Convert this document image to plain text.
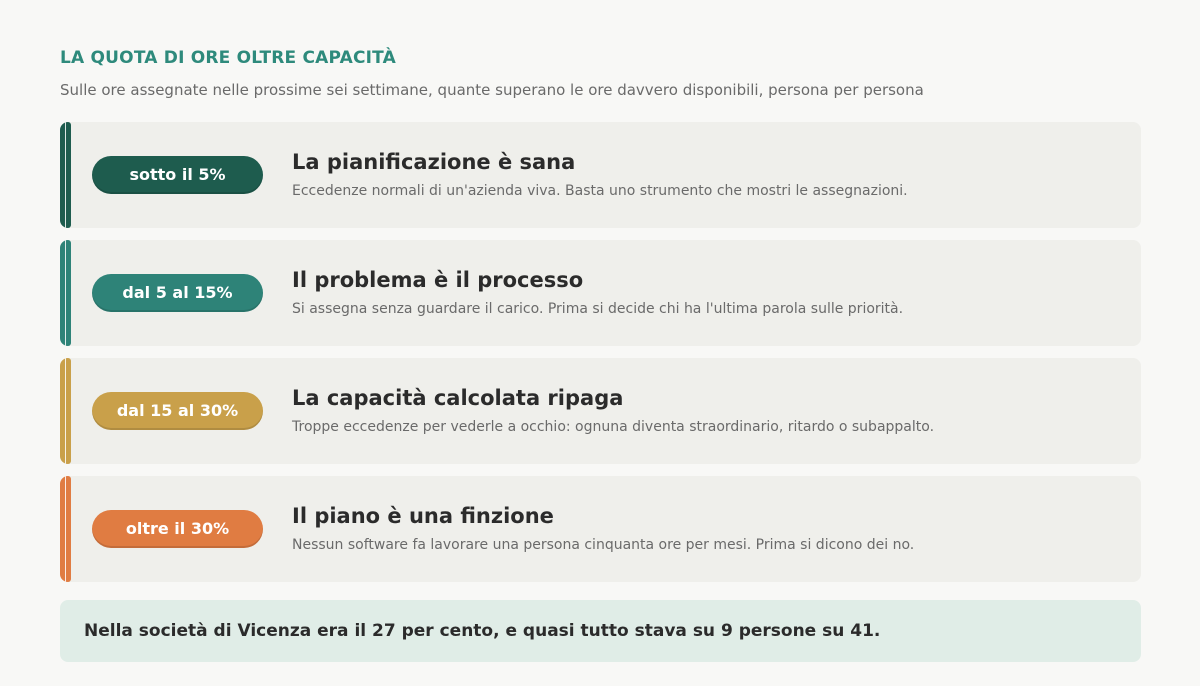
LA QUOTA DI ORE OLTRE CAPACITÀ
Sulle ore assegnate nelle prossime sei settimane, quante superano le ore davvero disponibili, persona per persona
sotto il 5%
La pianificazione è sana
Eccedenze normali di un'azienda viva. Basta uno strumento che mostri le assegnazioni.
dal 5 al 15%
Il problema è il processo
Si assegna senza guardare il carico. Prima si decide chi ha l'ultima parola sulle priorità.
dal 15 al 30%
La capacità calcolata ripaga
Troppe eccedenze per vederle a occhio: ognuna diventa straordinario, ritardo o subappalto.
oltre il 30%
Il piano è una finzione
Nessun software fa lavorare una persona cinquanta ore per mesi. Prima si dicono dei no.
Nella società di Vicenza era il 27 per cento, e quasi tutto stava su 9 persone su 41.
